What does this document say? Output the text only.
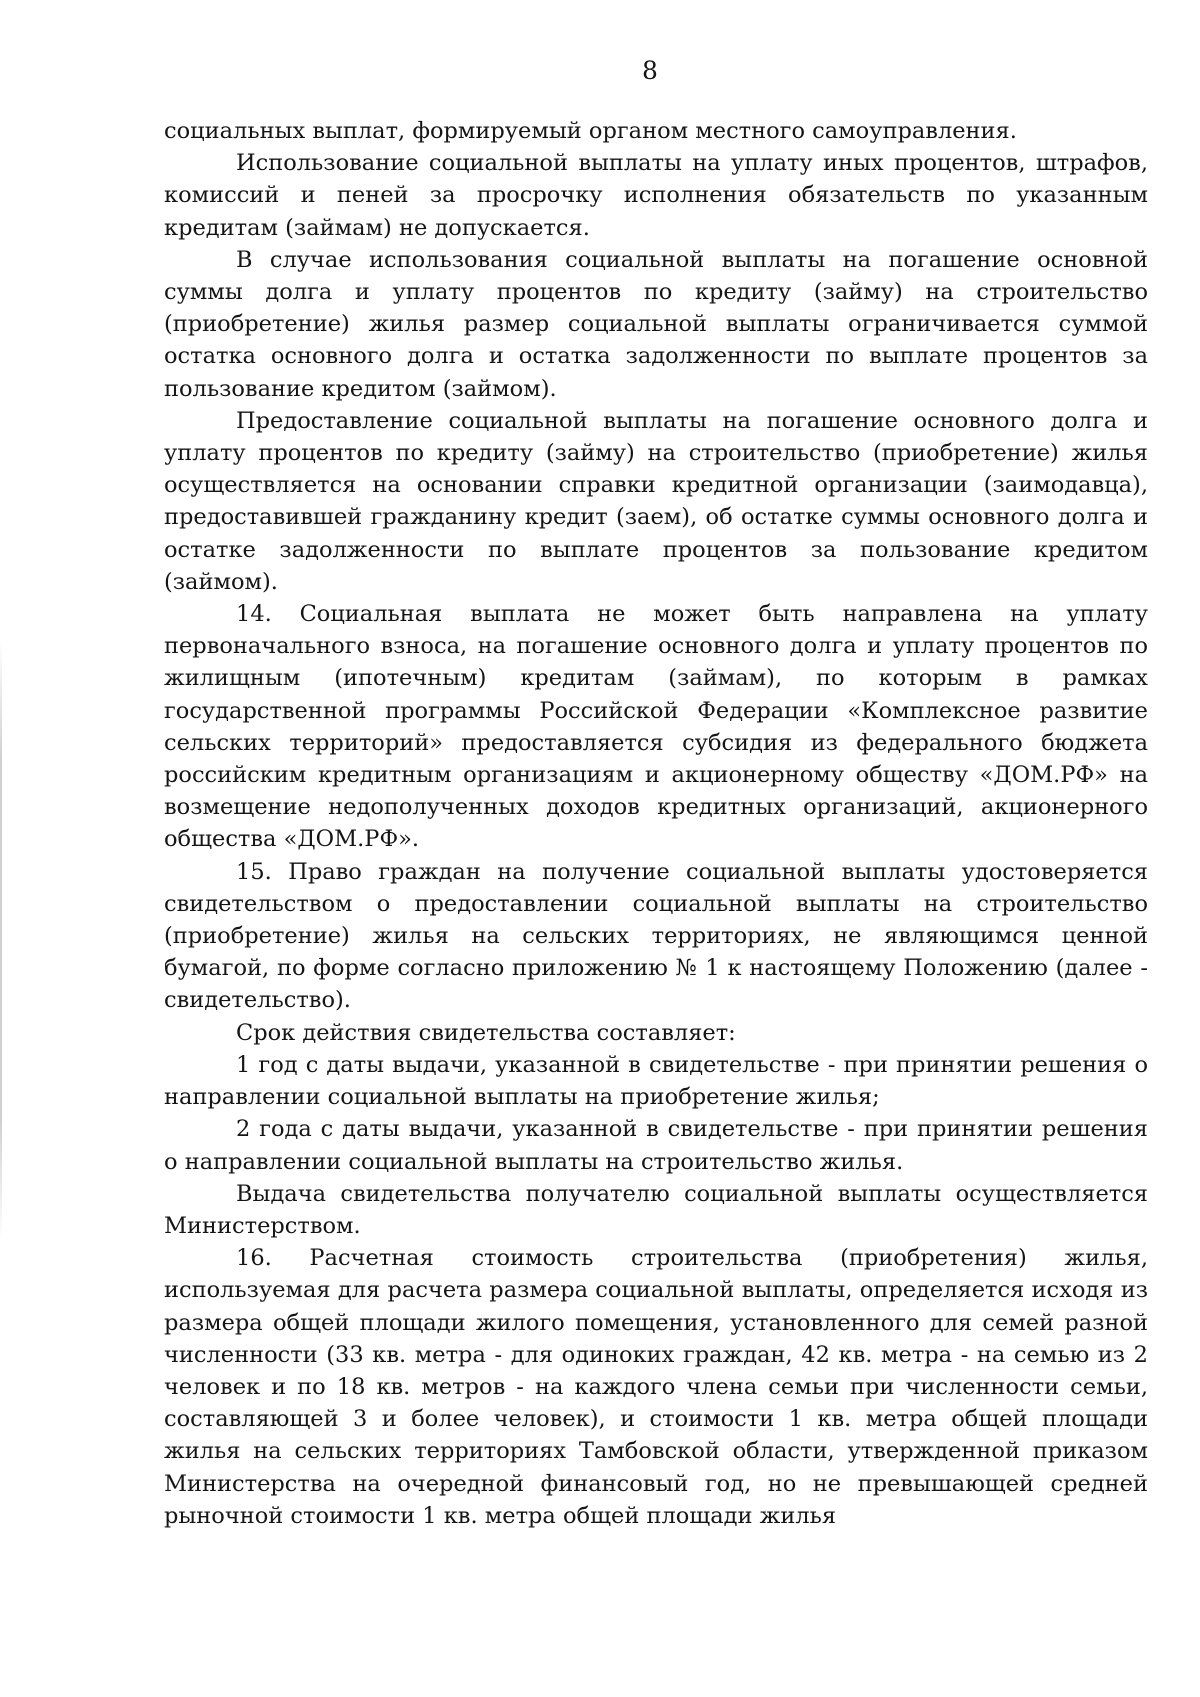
8

социальных выплат, формируемый органом местного самоуправления.

Использование социальной выплаты на уплату иных процентов, штрафов, комиссий и пеней за просрочку исполнения обязательств по указанным кредитам (займам) не допускается.

В случае использования социальной выплаты на погашение основной суммы долга и уплату процентов по кредиту (займу) на строительство (приобретение) жилья размер социальной выплаты ограничивается суммой остатка основного долга и остатка задолженности по выплате процентов за пользование кредитом (займом).

Предоставление социальной выплаты на погашение основного долга и уплату процентов по кредиту (займу) на строительство (приобретение) жилья осуществляется на основании справки кредитной организации (заимодавца), предоставившей гражданину кредит (заем), об остатке суммы основного долга и остатке задолженности по выплате процентов за пользование кредитом (займом).

14. Социальная выплата не может быть направлена на уплату первоначального взноса, на погашение основного долга и уплату процентов по жилищным (ипотечным) кредитам (займам), по которым в рамках государственной программы Российской Федерации «Комплексное развитие сельских территорий» предоставляется субсидия из федерального бюджета российским кредитным организациям и акционерному обществу «ДОМ.РФ» на возмещение недополученных доходов кредитных организаций, акционерного общества «ДОМ.РФ».

15. Право граждан на получение социальной выплаты удостоверяется свидетельством о предоставлении социальной выплаты на строительство (приобретение) жилья на сельских территориях, не являющимся ценной бумагой, по форме согласно приложению № 1 к настоящему Положению (далее - свидетельство).

Срок действия свидетельства составляет:

1 год с даты выдачи, указанной в свидетельстве - при принятии решения о направлении социальной выплаты на приобретение жилья;

2 года с даты выдачи, указанной в свидетельстве - при принятии решения о направлении социальной выплаты на строительство жилья.

Выдача свидетельства получателю социальной выплаты осуществляется Министерством.

16. Расчетная стоимость строительства (приобретения) жилья, используемая для расчета размера социальной выплаты, определяется исходя из размера общей площади жилого помещения, установленного для семей разной численности (33 кв. метра - для одиноких граждан, 42 кв. метра - на семью из 2 человек и по 18 кв. метров - на каждого члена семьи при численности семьи, составляющей 3 и более человек), и стоимости 1 кв. метра общей площади жилья на сельских территориях Тамбовской области, утвержденной приказом Министерства на очередной финансовый год, но не превышающей средней рыночной стоимости 1 кв. метра общей площади жилья
